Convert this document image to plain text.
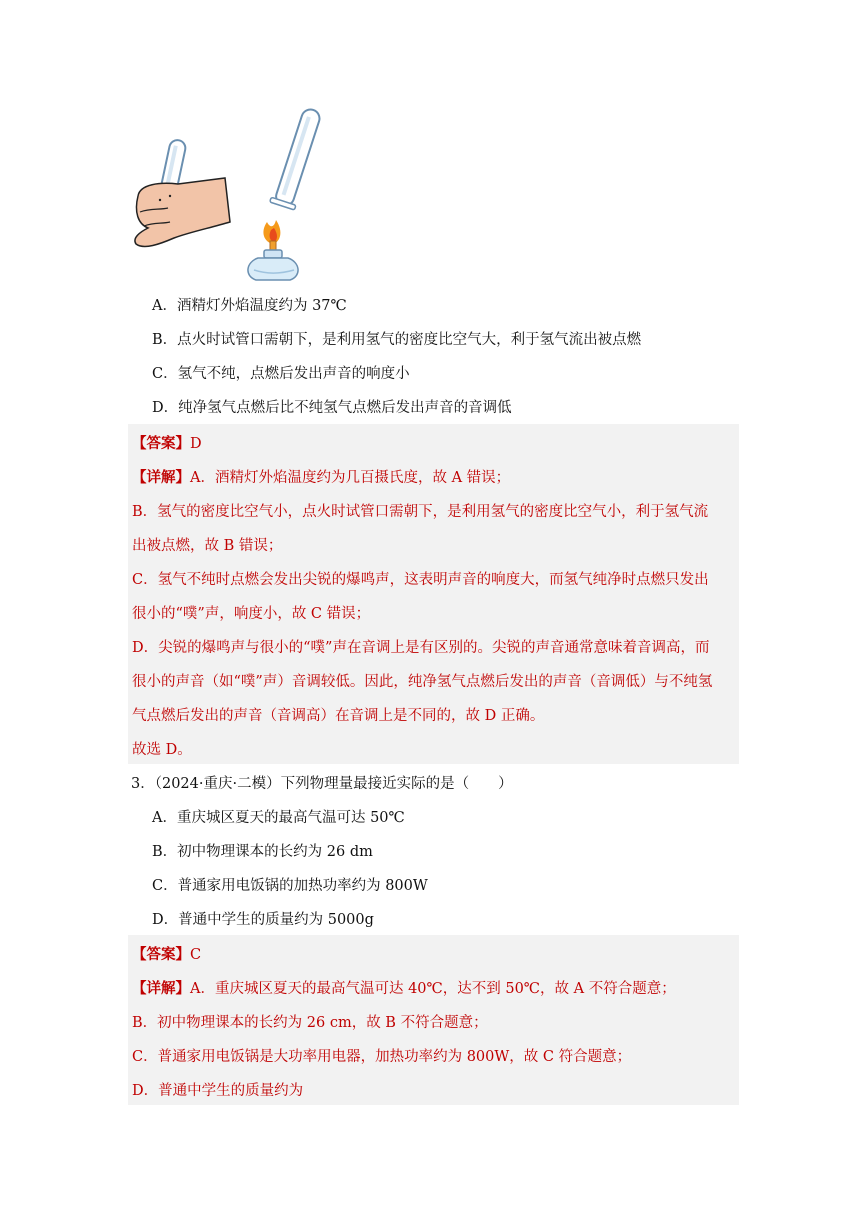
A．酒精灯外焰温度约为 37℃
B．点火时试管口需朝下，是利用氢气的密度比空气大，利于氢气流出被点燃
C．氢气不纯，点燃后发出声音的响度小
D．纯净氢气点燃后比不纯氢气点燃后发出声音的音调低
【答案】D
【详解】A．酒精灯外焰温度约为几百摄氏度，故 A 错误；
B．氢气的密度比空气小，点火时试管口需朝下，是利用氢气的密度比空气小，利于氢气流
出被点燃，故 B 错误；
C．氢气不纯时点燃会发出尖锐的爆鸣声，这表明声音的响度大，而氢气纯净时点燃只发出
很小的“噗”声，响度小，故 C 错误；
D．尖锐的爆鸣声与很小的“噗”声在音调上是有区别的。尖锐的声音通常意味着音调高，而
很小的声音（如“噗”声）音调较低。因此，纯净氢气点燃后发出的声音（音调低）与不纯氢
气点燃后发出的声音（音调高）在音调上是不同的，故 D 正确。
故选 D。
3．（2024·重庆·二模）下列物理量最接近实际的是（　　）
A．重庆城区夏天的最高气温可达 50℃
B．初中物理课本的长约为 26 dm
C．普通家用电饭锅的加热功率约为 800W
D．普通中学生的质量约为 5000g
【答案】C
【详解】A．重庆城区夏天的最高气温可达 40℃，达不到 50℃，故 A 不符合题意；
B．初中物理课本的长约为 26 cm，故 B 不符合题意；
C．普通家用电饭锅是大功率用电器，加热功率约为 800W，故 C 符合题意；
D．普通中学生的质量约为
